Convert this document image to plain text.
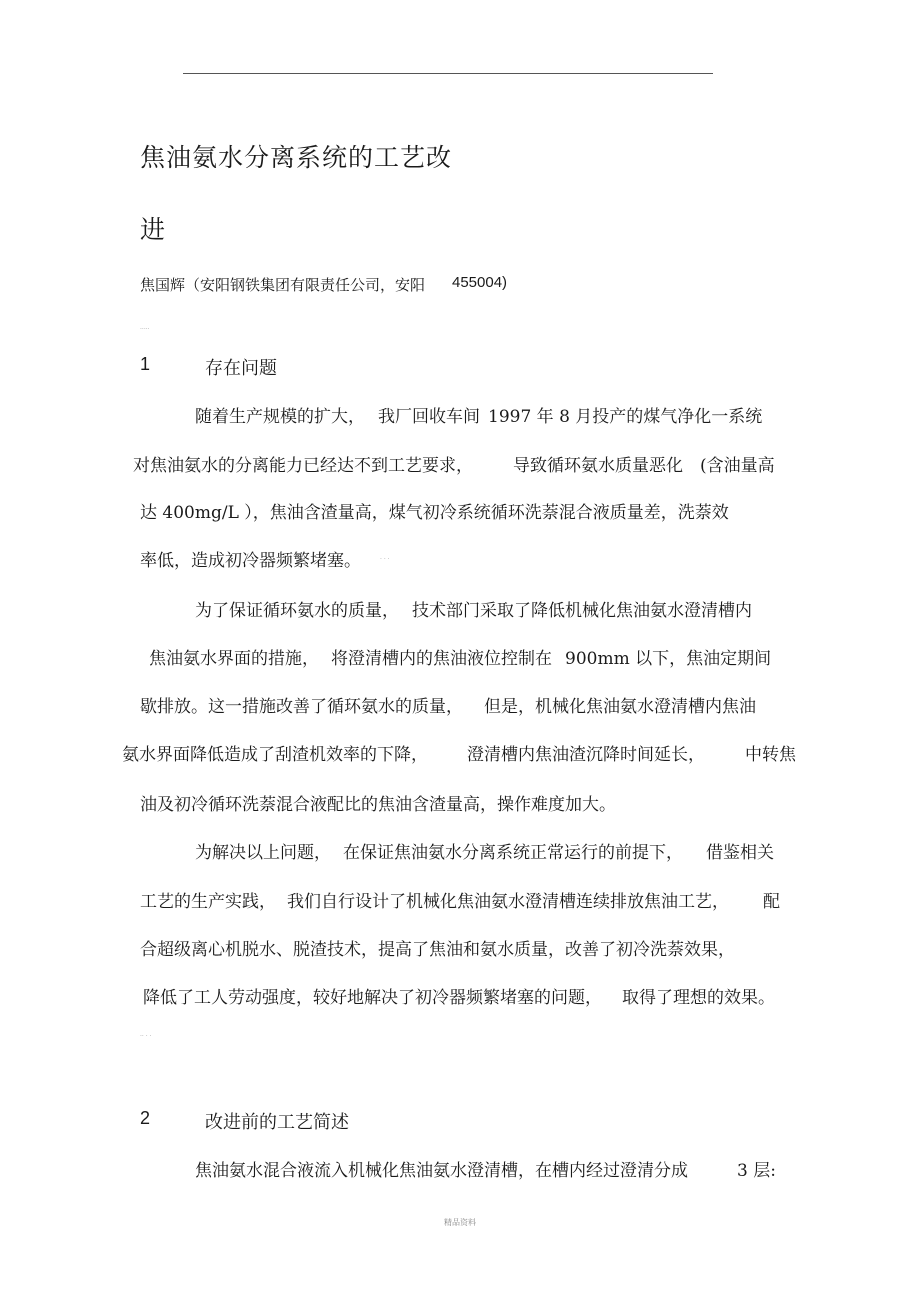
焦油氨水分离系统的工艺改
进
焦国辉（安阳钢铁集团有限责任公司，安阳 455004)
·····
1	存在问题
随着生产规模的扩大， 我厂回收车间 1997 年 8 月投产的煤气净化一系统
对焦油氨水的分离能力已经达不到工艺要求， 导致循环氨水质量恶化 (含油量高
达 400mg/L ），焦油含渣量高，煤气初冷系统循环洗萘混合液质量差，洗萘效
率低，造成初冷器频繁堵塞。	· · ·
为了保证循环氨水的质量， 技术部门采取了降低机械化焦油氨水澄清槽内
焦油氨水界面的措施， 将澄清槽内的焦油液位控制在 900mm 以下，焦油定期间
歇排放。这一措施改善了循环氨水的质量， 但是，机械化焦油氨水澄清槽内焦油
氨水界面降低造成了刮渣机效率的下降， 澄清槽内焦油渣沉降时间延长， 中转焦
油及初冷循环洗萘混合液配比的焦油含渣量高，操作难度加大。
为解决以上问题， 在保证焦油氨水分离系统正常运行的前提下， 借鉴相关
工艺的生产实践， 我们自行设计了机械化焦油氨水澄清槽连续排放焦油工艺， 配
合超级离心机脱水、脱渣技术，提高了焦油和氨水质量，改善了初冷洗萘效果，
降低了工人劳动强度，较好地解决了初冷器频繁堵塞的问题， 取得了理想的效果。
·· · ·
2	改进前的工艺简述
焦油氨水混合液流入机械化焦油氨水澄清槽，在槽内经过澄清分成	3 层:
精品资料
